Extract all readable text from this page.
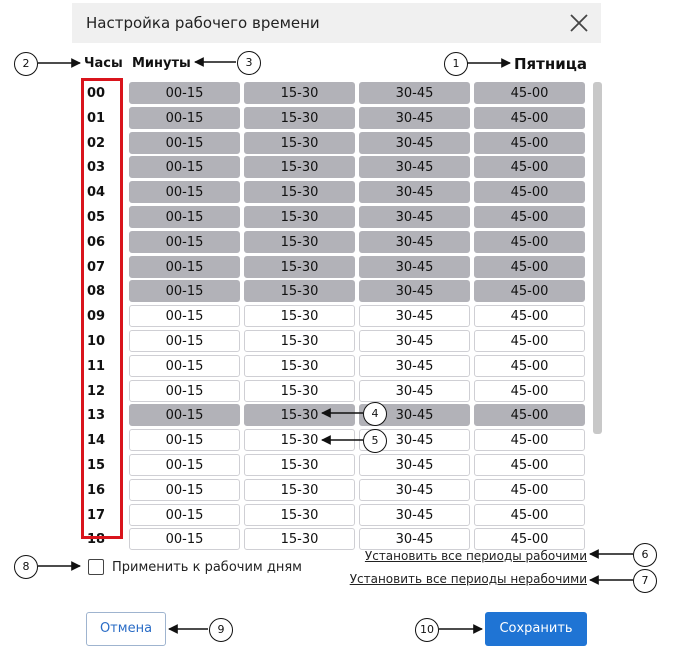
Настройка рабочего времени
Часы Минуты	Пятница
00	00-15	15-30	30-45	45-00
01	00-15	15-30	30-45	45-00
02	00-15	15-30	30-45	45-00
03	00-15	15-30	30-45	45-00
04	00-15	15-30	30-45	45-00
05	00-15	15-30	30-45	45-00
06	00-15	15-30	30-45	45-00
07	00-15	15-30	30-45	45-00
08	00-15	15-30	30-45	45-00
09	00-15	15-30	30-45	45-00
10	00-15	15-30	30-45	45-00
11	00-15	15-30	30-45	45-00
12	00-15	15-30	30-45	45-00
13	00-15	15-30	30-45	45-00
14	00-15	15-30	30-45	45-00
15	00-15	15-30	30-45	45-00
16	00-15	15-30	30-45	45-00
17	00-15	15-30	30-45	45-00
18	00-15	15-30	30-45	45-00
Применить к рабочим дням
Установить все периоды рабочими
Установить все периоды нерабочими
Отмена	Сохранить
1
2	3
4
5
6
7
8
9	10
